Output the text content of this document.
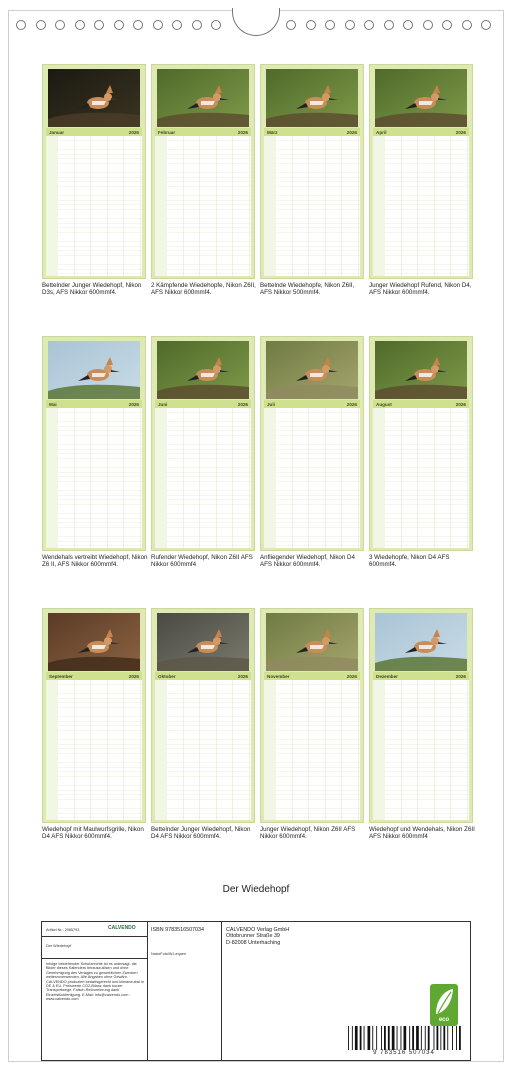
Januar	2026
Bettelnder Junger Wiedehopf, Nikon D3s, AFS Nikkor 600mmf4.
Februar	2026
2 Kämpfende Wiedehopfe, Nikon Z6II, AFS Nikkor 600mmf4.
März	2026
Bettelnde Wiedehopfe, Nikon Z6II, AFS Nikkor 500mmf4.
April	2026
Junger Wiedehopf Rufend, Nikon D4, AFS Nikkor 600mmf4.
Mai	2026
Wendehals vertreibt Wiedehopf, Nikon Z6 II, AFS Nikkor 600mmf4.
Juni	2026
Rufender Wiedehopf, Nikon Z6II AFS Nikkor 600mmf4
Juli	2026
Anfliegender Wiedehopf, Nikon D4 AFS Nikkor 600mmf4.
August	2026
3 Wiedehopfe, Nikon D4 AFS 600mmf4.
September	2026
Wiedehopf mit Maulwurfsgrille, Nikon D4 AFS Nikkor 600mmf4.
Oktober	2026
Bettelnder Junger Wiedehopf, Nikon D4 AFS Nikkor 600mmf4.
November	2026
Junger Wiedehopf, Nikon Z6II AFS Nikkor 600mmf4.
Dezember	2026
Wiedehopf und Wendehals, Nikon Z6II AFS Nikkor 600mmf4
Der Wiedehopf
Artikel Nr.: 2985793	CALVENDO
Der Wiedehopf
Infolge bestehender Schutzrechte ist es untersagt, die Bilder dieses Kalenders herauszulösen und ohne Genehmigung des Verlages zu gewerblichen Zwecken weiterzuverwenden. Alle Angaben ohne Gewähr. CALVENDO produziert bedarfsgerecht und klimaneutral in DE & EU. Preiswerte CO2-Bilanz dank kurzer Transportwege. Falsch-Retournierung dank Einzelstückfertigung. E-Mail: info@calvendo.com · www.calvendo.com
ISBN 9783516507034
NaturFoto/W.Lequen
CALVENDO Verlag GmbH
Ottobrunner Straße 39
D-82008 Unterhaching
eco
9 783516 507034
